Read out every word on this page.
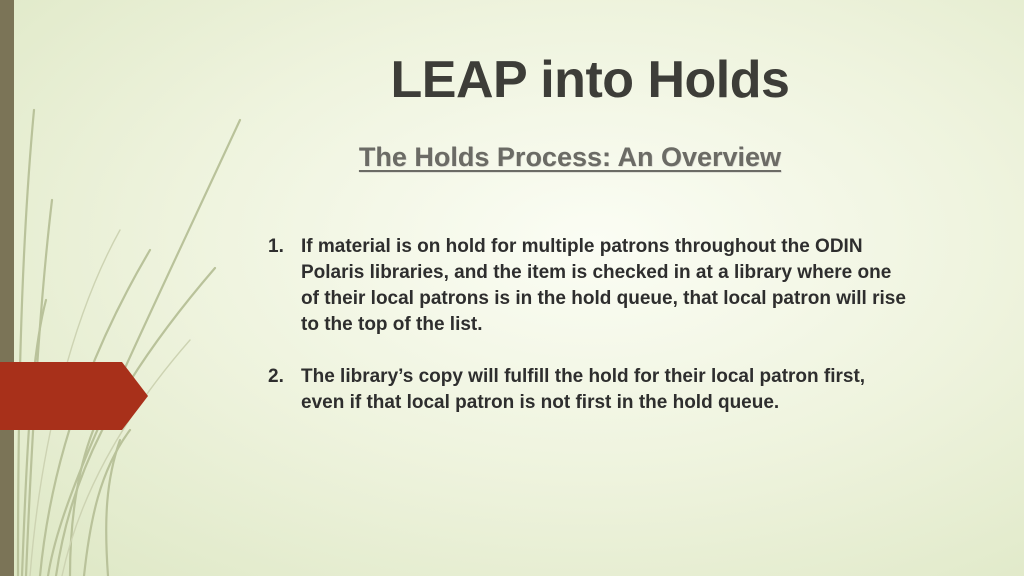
LEAP into Holds
The Holds Process: An Overview
1. If material is on hold for multiple patrons throughout the ODIN Polaris libraries, and the item is checked in at a library where one of their local patrons is in the hold queue, that local patron will rise to the top of the list.
2. The library’s copy will fulfill the hold for their local patron first, even if that local patron is not first in the hold queue.
